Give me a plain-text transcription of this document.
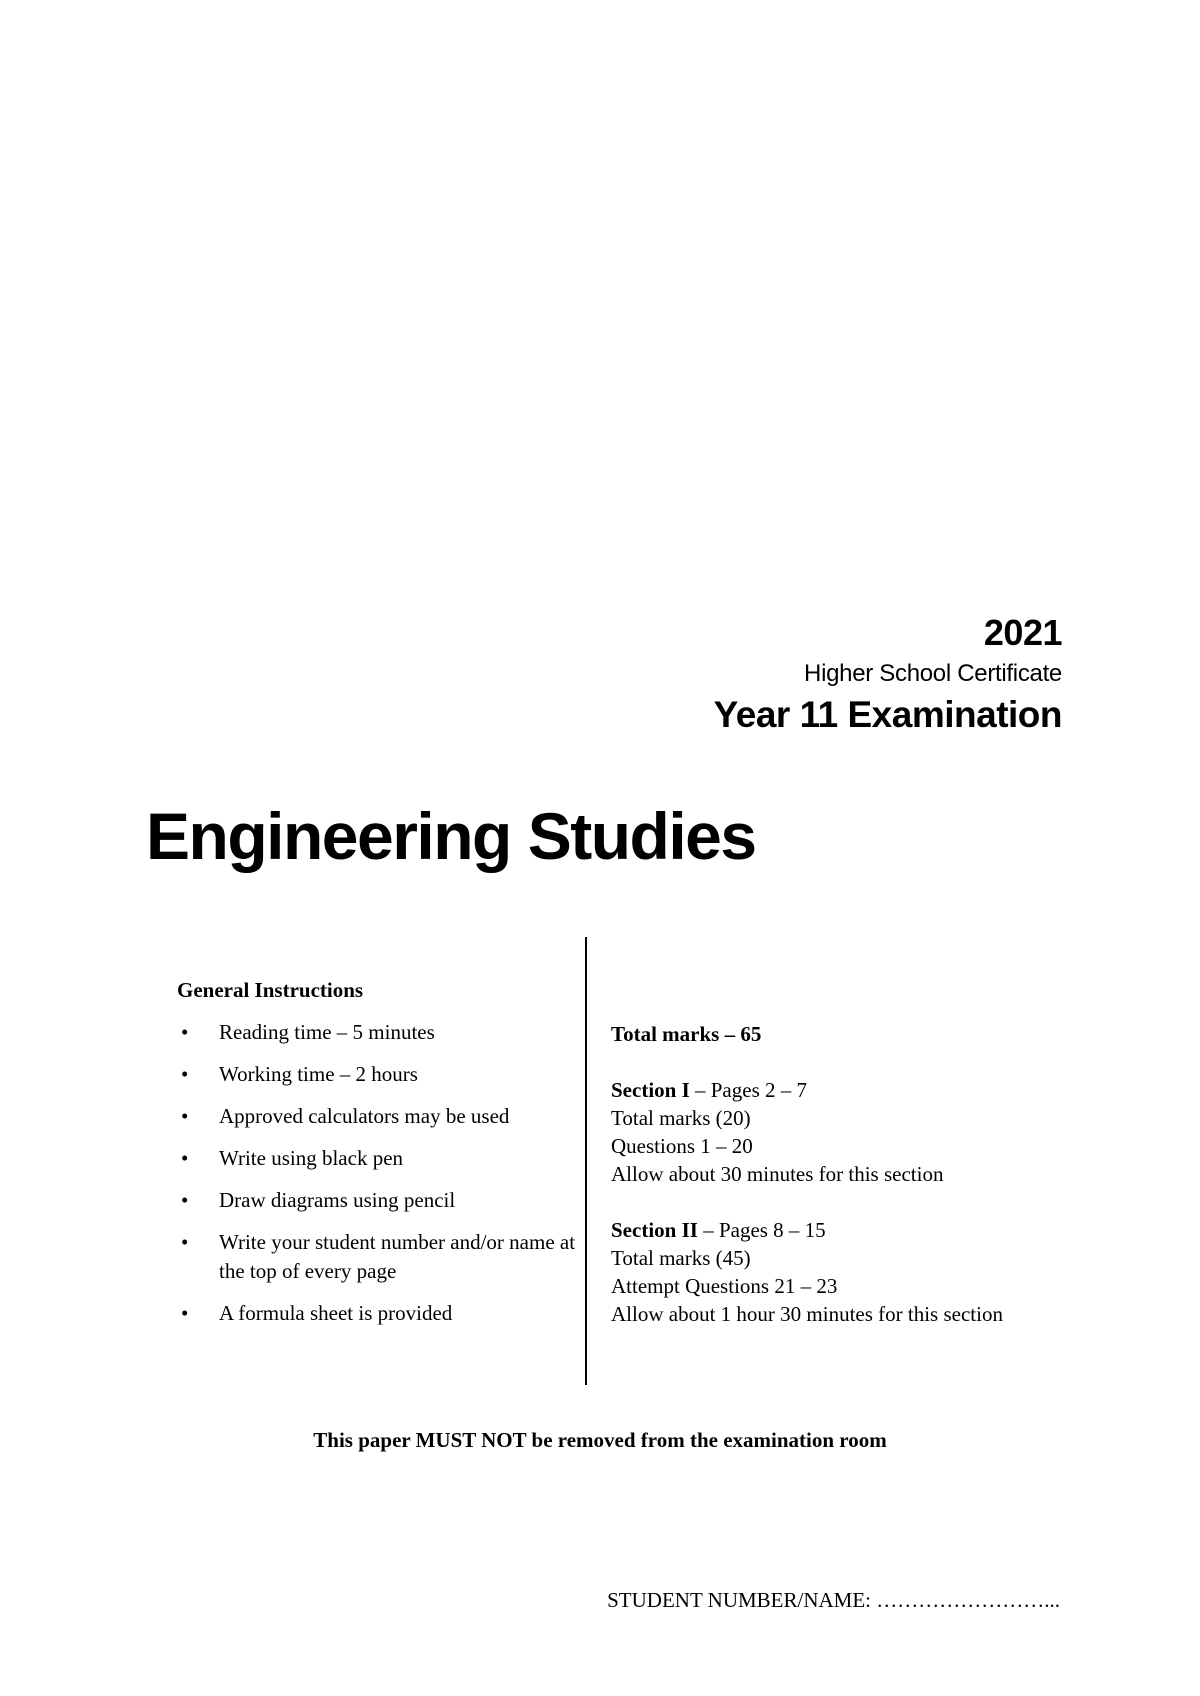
2021
Higher School Certificate
Year 11 Examination
Engineering Studies
General Instructions
• Reading time – 5 minutes
• Working time – 2 hours
• Approved calculators may be used
• Write using black pen
• Draw diagrams using pencil
• Write your student number and/or name at the top of every page
• A formula sheet is provided
Total marks – 65
Section I – Pages 2 – 7
Total marks (20)
Questions 1 – 20
Allow about 30 minutes for this section
Section II – Pages 8 – 15
Total marks (45)
Attempt Questions 21 – 23
Allow about 1 hour 30 minutes for this section
This paper MUST NOT be removed from the examination room
STUDENT NUMBER/NAME: ……………………...
